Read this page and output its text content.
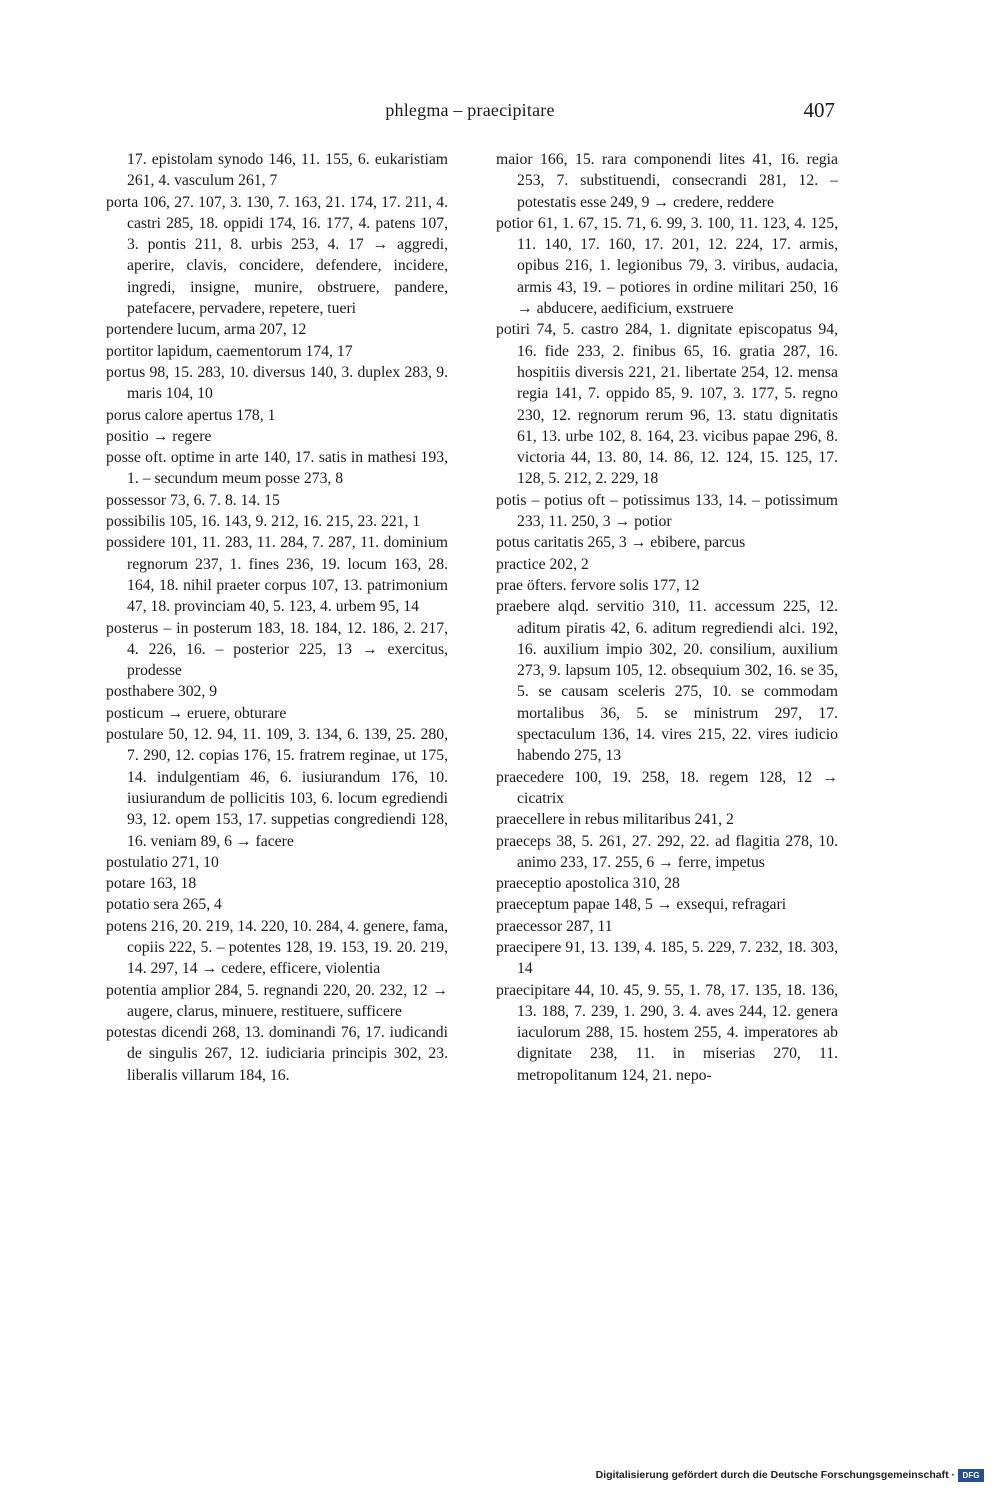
phlegma – praecipitare	407
17. epistolam synodo 146, 11. 155, 6. eukaristiam 261, 4. vasculum 261, 7
porta 106, 27. 107, 3. 130, 7. 163, 21. 174, 17. 211, 4. castri 285, 18. oppidi 174, 16. 177, 4. patens 107, 3. pontis 211, 8. urbis 253, 4. 17 → aggredi, aperire, clavis, concidere, defendere, incidere, ingredi, insigne, munire, obstruere, pandere, patefacere, pervadere, repetere, tueri
portendere lucum, arma 207, 12
portitor lapidum, caementorum 174, 17
portus 98, 15. 283, 10. diversus 140, 3. duplex 283, 9. maris 104, 10
porus calore apertus 178, 1
positio → regere
posse oft. optime in arte 140, 17. satis in mathesi 193, 1. – secundum meum posse 273, 8
possessor 73, 6. 7. 8. 14. 15
possibilis 105, 16. 143, 9. 212, 16. 215, 23. 221, 1
possidere 101, 11. 283, 11. 284, 7. 287, 11. dominium regnorum 237, 1. fines 236, 19. locum 163, 28. 164, 18. nihil praeter corpus 107, 13. patrimonium 47, 18. provinciam 40, 5. 123, 4. urbem 95, 14
posterus – in posterum 183, 18. 184, 12. 186, 2. 217, 4. 226, 16. – posterior 225, 13 → exercitus, prodesse
posthabere 302, 9
posticum → eruere, obturare
postulare 50, 12. 94, 11. 109, 3. 134, 6. 139, 25. 280, 7. 290, 12. copias 176, 15. fratrem reginae, ut 175, 14. indulgentiam 46, 6. iusiurandum 176, 10. iusiurandum de pollicitis 103, 6. locum egrediendi 93, 12. opem 153, 17. suppetias congrediendi 128, 16. veniam 89, 6 → facere
postulatio 271, 10
potare 163, 18
potatio sera 265, 4
potens 216, 20. 219, 14. 220, 10. 284, 4. genere, fama, copiis 222, 5. – potentes 128, 19. 153, 19. 20. 219, 14. 297, 14 → cedere, efficere, violentia
potentia amplior 284, 5. regnandi 220, 20. 232, 12 → augere, clarus, minuere, restituere, sufficere
potestas dicendi 268, 13. dominandi 76, 17. iudicandi de singulis 267, 12. iudiciaria principis 302, 23. liberalis villarum 184, 16.
maior 166, 15. rara componendi lites 41, 16. regia 253, 7. substituendi, consecrandi 281, 12. – potestatis esse 249, 9 → credere, reddere
potior 61, 1. 67, 15. 71, 6. 99, 3. 100, 11. 123, 4. 125, 11. 140, 17. 160, 17. 201, 12. 224, 17. armis, opibus 216, 1. legionibus 79, 3. viribus, audacia, armis 43, 19. – potiores in ordine militari 250, 16 → abducere, aedificium, exstruere
potiri 74, 5. castro 284, 1. dignitate episcopatus 94, 16. fide 233, 2. finibus 65, 16. gratia 287, 16. hospitiis diversis 221, 21. libertate 254, 12. mensa regia 141, 7. oppido 85, 9. 107, 3. 177, 5. regno 230, 12. regnorum rerum 96, 13. statu dignitatis 61, 13. urbe 102, 8. 164, 23. vicibus papae 296, 8. victoria 44, 13. 80, 14. 86, 12. 124, 15. 125, 17. 128, 5. 212, 2. 229, 18
potis – potius oft – potissimus 133, 14. – potissimum 233, 11. 250, 3 → potior
potus caritatis 265, 3 → ebibere, parcus
practice 202, 2
prae öfters. fervore solis 177, 12
praebere alqd. servitio 310, 11. accessum 225, 12. aditum piratis 42, 6. aditum regrediendi alci. 192, 16. auxilium impio 302, 20. consilium, auxilium 273, 9. lapsum 105, 12. obsequium 302, 16. se 35, 5. se causam sceleris 275, 10. se commodam mortalibus 36, 5. se ministrum 297, 17. spectaculum 136, 14. vires 215, 22. vires iudicio habendo 275, 13
praecedere 100, 19. 258, 18. regem 128, 12 → cicatrix
praecellere in rebus militaribus 241, 2
praeceps 38, 5. 261, 27. 292, 22. ad flagitia 278, 10. animo 233, 17. 255, 6 → ferre, impetus
praeceptio apostolica 310, 28
praeceptum papae 148, 5 → exsequi, refragari
praecessor 287, 11
praecipere 91, 13. 139, 4. 185, 5. 229, 7. 232, 18. 303, 14
praecipitare 44, 10. 45, 9. 55, 1. 78, 17. 135, 18. 136, 13. 188, 7. 239, 1. 290, 3. 4. aves 244, 12. genera iaculorum 288, 15. hostem 255, 4. imperatores ab dignitate 238, 11. in miserias 270, 11. metropolitanum 124, 21. nepo-
Digitalisierung gefördert durch die Deutsche Forschungsgemeinschaft · DFG
